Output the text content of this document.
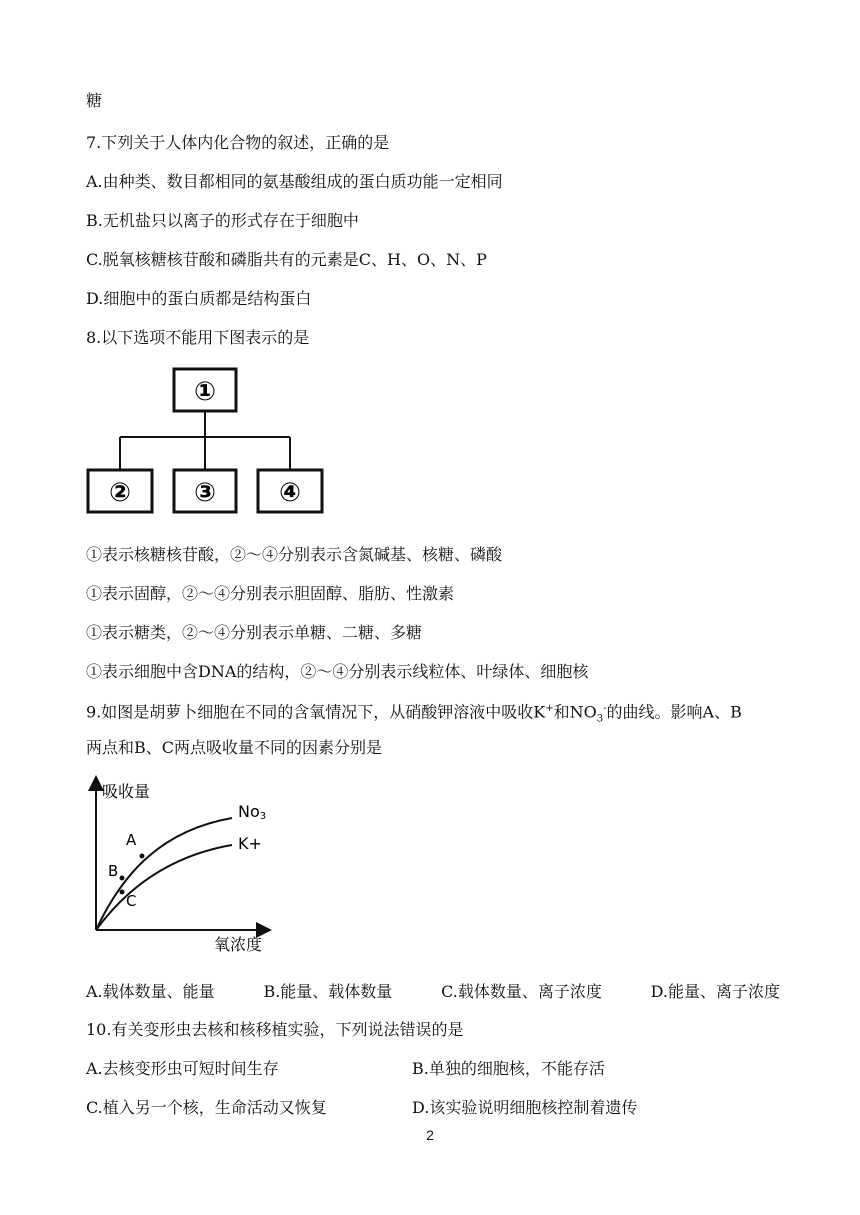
糖
7.下列关于人体内化合物的叙述，正确的是
A.由种类、数目都相同的氨基酸组成的蛋白质功能一定相同
B.无机盐只以离子的形式存在于细胞中
C.脱氧核糖核苷酸和磷脂共有的元素是C、H、O、N、P
D.细胞中的蛋白质都是结构蛋白
8.以下选项不能用下图表示的是
①
② ③ ④
①表示核糖核苷酸，②～④分别表示含氮碱基、核糖、磷酸
①表示固醇，②～④分别表示胆固醇、脂肪、性激素
①表示糖类，②～④分别表示单糖、二糖、多糖
①表示细胞中含DNA的结构，②～④分别表示线粒体、叶绿体、细胞核
9.如图是胡萝卜细胞在不同的含氧情况下，从硝酸钾溶液中吸收K+和$NO_3^-$的曲线。影响A、B
两点和B、C两点吸收量不同的因素分别是
吸收量
氧浓度
No3
K+
A
B
C
A.载体数量、能量	B.能量、载体数量	C.载体数量、离子浓度	D.能量、离子浓度
10.有关变形虫去核和核移植实验，下列说法错误的是
A.去核变形虫可短时间生存	B.单独的细胞核，不能存活
C.植入另一个核，生命活动又恢复	D.该实验说明细胞核控制着遗传
2
